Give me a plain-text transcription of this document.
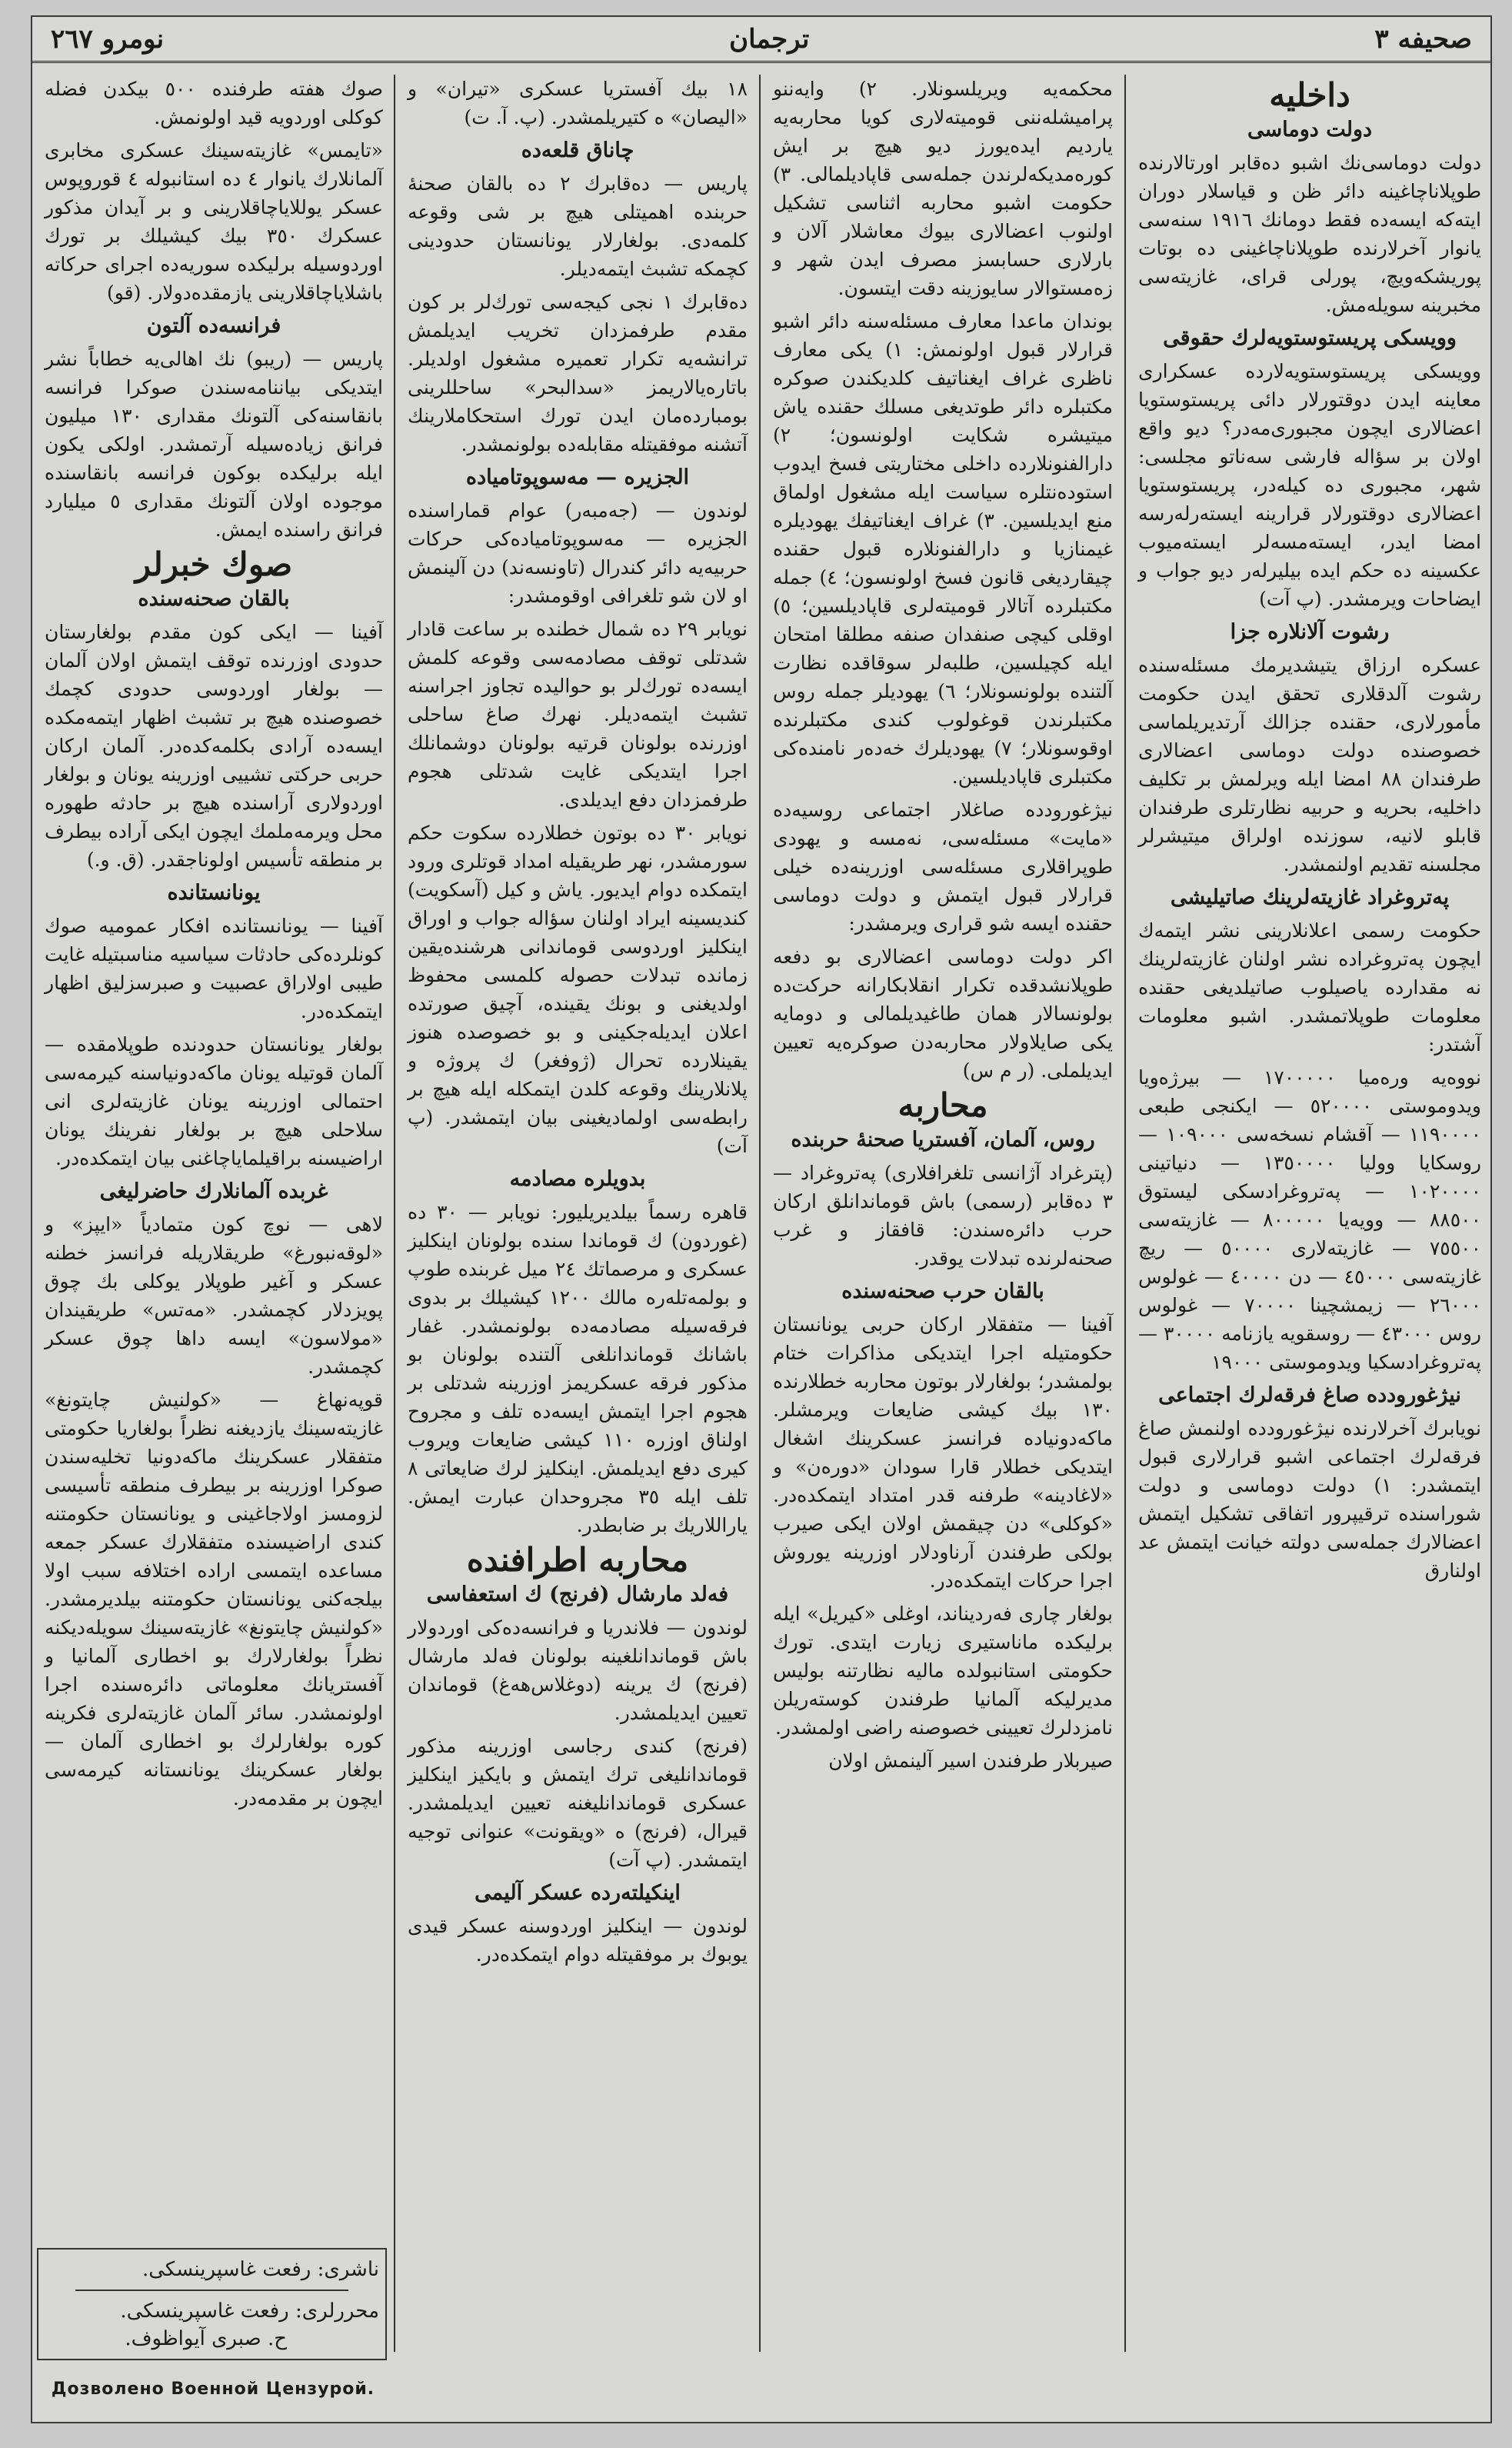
نومرو ٢٦٧	ترجمان	صحیفه ٣
داخلیه
دولت دوماسی

دولت دوماسی‌نك اشبو ده‌قابر اورتالارنده طوپلاناچاغینه دائر ظن و قیاسلار دوران ایته‌كه ایسه‌ده فقط دومانك ١٩١٦ سنه‌سی یانوار آخرلارنده طوپلاناچاغینی ده بوتات پوریشكه‌ویچ، پورلی قرای، غازیته‌سی مخبرینه سویله‌مش.

وویسكی پریستوستویه‌لرك حقوقی

وویسكی پریستوستویه‌لارده عسكراری معاینه ایدن دوقتورلار دائی پریستوستویا اعضالاری ایچون مجبوری‌مه‌در؟ دیو واقع اولان بر سؤاله فارشی سه‌ناتو مجلسی: شهر، مجبوری ده كیله‌در، پریستوستویا اعضالاری دوقتورلار قرارینه ایسته‌رله‌رسه امضا ایدر، ایسته‌مسه‌لر ایسته‌میوب عكسینه ده حكم ایده بیلیرله‌ر دیو جواب و ایضاحات ویرمشدر. (پ آت)

رشوت آلانلاره جزا

عسكره ارزاق یتیشدیرمك مسئله‌سنده رشوت آلدقلاری تحقق ایدن حكومت مأمورلاری، حقنده جزالك آرتدیریلماسی خصوصنده دولت دوماسی اعضالاری طرفندان ٨٨ امضا ایله ویرلمش بر تكلیف داخلیه، بحریه و حربیه نظارتلری طرفندان قابلو لانیه، سوزنده اولراق میتیشرلر مجلسنه تقدیم اولنمشدر.

په‌تروغراد غازیته‌لرینك صاتیلیشی

حكومت رسمی اعلانلارینی نشر ایتمه‌ك ایچون په‌تروغراده نشر اولنان غازیته‌لرینك نه مقدارده یاصیلوب صاتیلدیغی حقنده معلومات طوپلاتمشدر. اشبو معلومات آشتدر:

نووه‌یه وره‌میا ١٧٠٠٠٠٠ — بیرژه‌ویا ویدوموستی ٥٢٠٠٠٠ — ایكنجی طبعی ١١٩٠٠٠٠ — آقشام نسخه‌سی ١٠٩٠٠٠ — روسكایا وولیا ١٣٥٠٠٠٠ — دنیاتینی ١٠٢٠٠٠٠ — په‌تروغرادسكی لیستوق ٨٨٥٠٠ — وویه‌یا ۸۰۰۰۰۰ — غازیته‌سی ٧٥٥٠٠ — غازیته‌لاری ٥٠٠٠٠ — ریچ غازیته‌سی ٤٥٠٠٠ — دن ٤٠٠٠٠ — غولوس ٢٦٠٠٠ — زیمشچینا ٧٠٠٠٠ — غولوس روس ٤٣٠٠٠ — روسقویه‌ یازنامه ٣٠٠٠٠ — په‌تروغرادسكیا ویدوموستی ١٩٠٠٠

نیژغورودده صاغ فرقه‌لرك اجتماعی

نویابرك آخرلارنده نیژغورودده اولنمش صاغ فرقه‌لرك اجتماعی اشبو قرارلاری قبول ایتمشدر: ١) دولت دوماسی و دولت شوراسنده ترقیپرور اتفاقی تشكیل ایتمش اعضالارك جمله‌سی دولته خیانت ایتمش عد اولنارق

محكمه‌یه ویریلسونلار. ٢) وایه‌ننو پرامیشله‌ننی قومیته‌لاری كویا محاربه‌یه یاردیم ایده‌یورز دیو هیچ بر ایش كوره‌مدیكه‌لرندن جمله‌سی قاپادیلمالی. ٣) حكومت اشبو محاربه اثناسی تشكیل اولنوب اعضالاری بیوك معاشلار آلان و بارلاری حسابسز مصرف ایدن شهر و زه‌مستوالار سایوزینه دقت ایتسون.

بوندان ماعدا معارف مسئله‌سنه دائر اشبو قرارلار قبول اولونمش: ١) یكی معارف ناظری غراف ایغناتیف كلدیكندن صوكره مكتبلره دائر طوتدیغی مسلك حقنده یاش میتیشره شكایت اولونسون؛ ٢) دارالفنونلارده داخلی مختاریتی فسخ ایدوب استوده‌نتلره سیاست ایله مشغول اولماق منع ایدیلسین. ٣) غراف ایغناتیفك یهودیلره غیمنازیا و دارالفنونلاره قبول حقنده چیقاردیغی قانون فسخ اولونسون؛ ٤) جمله مكتبلرده آتالار قومیته‌لری قاپادیلسین؛ ٥) اوقلی كیچی صنفدان صنفه مطلقا امتحان ایله كچیلسین، طلبه‌لر سوقاقده نظارت آلتنده بولونسونلار؛ ٦) یهودیلر جمله روس مكتبلرندن قوغولوب كندی مكتبلرنده اوقوسونلار؛ ٧) یهودیلرك خه‌ده‌ر نامنده‌كی مكتبلری قاپادیلسین.

نیژغورودده صاغلار اجتماعی روسیه‌ده «مایت» مسئله‌سی، نه‌مسه و یهودی طوپراقلاری مسئله‌سی اوزرینه‌ده خیلی قرارلار قبول ایتمش و دولت دوماسی حقنده ایسه شو قراری ویرمشدر:

اكر دولت دوماسی اعضالاری بو دفعه طوپلانشدقده تكرار انقلابكارانه حركت‌ده بولونسالار همان طاغیدیلمالی و دومایه یكی صایلاولار محاربه‌دن صوكره‌یه تعیین ایدیلملی. (ر م س)

محاربه
روس، آلمان، آفستریا صحنهٔ حربنده

(پترغراد آژانسی تلغرافلاری) په‌تروغراد — ٣ ده‌قابر (رسمی) باش قوماندانلق اركان حرب دائره‌سندن: قافقاز و غرب صحنه‌لرنده تبدلات یوقدر.

بالقان حرب صحنه‌سنده

آفینا — متفقلار اركان حربی یونانستان حكومتیله اجرا ایتدیكی مذاكرات ختام بولمشدر؛ بولغارلار بوتون محاربه خطلارنده ١٣٠ بیك كیشی ضایعات ویرمشلر. ماكه‌دونیاده فرانسز عسكرینك اشغال ایتدیكی خطلار قارا سو‌دان «دوره‌ن» و «لاغادینه» طرفنه قدر امتداد ایتمكده‌در. «كوكلی» دن چیقمش اولان ایكی صیرب بولكی طرفندن آرناودلار اوزرینه یوروش اجرا حركات ایتمكده‌در.

بولغار چاری فه‌ردیناند، اوغلی «كیریل» ایله برلیكده ماناستیری زیارت ایتدی. تورك حكومتی استانبولده مالیه نظارتنه بولیس مدیرلیكه آلمانیا طرفندن كوسته‌ریلن نامزدلرك تعیینی خصوصنه راضی اولمشدر.

صیربلار طرفندن اسیر آلینمش اولان

١٨ بیك آفستریا عسكری «تیران» و «الیصان» ه كتیریلمشدر. (پ. آ. ت)

چاناق قلعه‌ده

پاریس — ده‌قابرك ٢ ده بالقان صحنهٔ حربنده اهمیتلی هیچ بر شی وقوعه كلمه‌دی. بولغارلار یونانستان حدودینی كچمكه تشبث ایتمه‌دیلر.

ده‌قابرك ١ نجی كیجه‌سی تورك‌لر بر كون مقدم طرفمزدان تخریب ایدیلمش ترانشه‌یه تكرار تعمیره مشغول اولدیلر. باتاره‌یالاریمز «سدالبحر» ساحللرینی بومبارده‌مان ایدن تورك استحكاملارینك آتشنه موفقیتله مقابله‌ده بولونمشدر.

الجزیره — مه‌سوپوتامیاده

لوندون — (جه‌مبه‌ر) عوام قماراسنده الجزیره — مه‌سوپوتامیاده‌كی حركات حربیه‌یه دائر كندرال (تاونسه‌ند) دن آلینمش او لان شو تلغرافی اوقومشدر:

نویابر ٢٩ ده شمال خطنده بر ساعت قادار شدتلی توقف مصادمه‌سی وقوعه كلمش ایسه‌ده تورك‌لر بو حوالیده تجاوز اجراسنه تشبث ایتمه‌دیلر. نهرك صاغ ساحلی اوزرنده بولونان قرتیه بولونان دوشمانلك اجرا ایتدیكی غایت شدتلی هجوم طرفمزدان دفع ایدیلدی.

نویابر ٣٠ ده بوتون خطلارده سكوت حكم سورمشدر، نهر طریقیله امداد قوتلری ورود ایتمكده دوام ایدیور. یاش و كیل (آسكویت) كندیسینه ایراد اولنان سؤاله جواب و اوراق اینكلیز اوردوسی قوماندانی هرشنده‌یقین زمانده تبدلات حصوله كلمسی محفوظ اولدیغنی و بونك یقینده، آچیق صورتده اعلان ایدیله‌جكینی و بو خصوصده هنوز یقینلارده تحرال (ژوفغر) ك پروژه و پلانلارینك وقوعه كلدن ایتمكله ایله هیچ بر رابطه‌سی اولمادیغینی بیان ایتمشدر. (پ آت)

بدویلره مصادمه

قاهره رسماً بیلدیریلیور: نویابر — ٣٠ ده (غوردون) ك قوماندا سنده بولونان اینكلیز عسكری و مرصماتك ٢٤ میل غربنده طوپ و بولمه‌تله‌ره مالك ١٢٠٠ كیشیلك بر بدوی فرقه‌سیله مصادمه‌ده بولونمشدر. غفار باشانك قوماندانلغی آلتنده بولونان بو مذكور فرقه عسكریمز اوزرینه شدتلی بر هجوم اجرا ایتمش ایسه‌ده تلف و مجروح اولنا‌ق اوزره ١١٠ كیشی ضایعات ویروب كیری دفع ایدیلمش. اینكلیز لرك ضایعاتی ٨ تلف ایله ٣٥ مجروحدان عبارت ایمش. یاراللاریك بر ضابطدر.

محاربه اطرافنده
فه‌لد مارشال (فرنج) ك استعفاسی

لوندون — فلاندریا و فرانسه‌ده‌كی اوردولار باش قوماندانلغینه بولونان فه‌لد مارشال (فرنج) ك یرینه (دوغلاس‌هه‌غ) قوماندان تعیین ایدیلمشدر.

(فرنج) كندی رجاسی اوزرینه مذكور قوماندانلیغی ترك ایتمش و بایكیز اینكلیز عسكری قوماندانلیغنه تعیین ایدیلمشدر. قیرال، (فرنج) ه «ویقونت» عنوانی توجیه ایتمشدر. (پ آت)

اینكیلته‌رده عسكر آلیمی

لوندون — اینكلیز اوردوسنه عسكر قیدی یوبوك بر موفقیتله دوام ایتمكده‌در.

صوك هفته طرفنده ٥٠٠ بیكدن فضله كوكلی اوردویه قید اولونمش.

«تایمس» غازیته‌سینك عسكری مخابری آلمانلارك یانوار ٤ ده استانبوله ٤ قوروپوس عسكر یوللایاچاقلارینی و بر آیدان مذكور عسكرك ٣٥٠ بیك كیشیلك بر تورك اوردوسیله برلیكده سوریه‌ده اجرای حركاته باشلایاچاقلارینی یازمقده‌دولار. (قو)

فرانسه‌ده آلتون

پاریس — (ریبو) نك اهالی‌یه خطاباً نشر ایتدیكی بیاننامه‌سندن صوكرا فرانسه بانقاسنه‌كی آلتونك مقداری ١٣٠ میلیون فرانق زیاده‌سیله آرتمشدر. اولكی یكون ایله برلیكده بوكون فرانسه بانقاسنده موجوده اولان آلتونك مقداری ٥ میلیارد فرانق راسنده ایمش.

صوك خبرلر
بالقان صحنه‌سنده

آفینا — ایكی كون مقدم بولغارستان حدودی اوزرنده توقف ایتمش اولان آلمان — بولغار اوردوسی حدودی كچمك خصوصنده هیچ بر تشبث اظهار ایتمه‌مكده ایسه‌ده آرادی بكلمه‌كده‌در. آلمان اركان حربی حركتی تشییی اوزرینه یونان و بولغار اوردولاری آراسنده هیچ بر حادثه طهوره محل ویرمه‌ملمك ایچون ایكی آراده بیطرف بر منطقه تأسیس اولونا‌جقدر. (ق. و.)

یونانستانده

آفینا — یونانستانده افكار عمومیه صوك كونلرده‌كی حادثات سیاسیه مناسبتیله غایت طیبی اولاراق عصبیت و صبرسزلیق اظهار ایتمكده‌در.

بولغار یونانستان حدودنده طوپلامقده — آلمان قوتیله یونان ماكه‌دونیاسنه كیرمه‌سی احتمالی اوزرینه یونان غازیته‌لری انی سلاحلی هیچ بر بولغار نفرینك یونان اراضیسنه براقیلمایاچاغنی بیان ایتمكده‌در.

غربده آلمانلارك حاضرلیغی

لاهی — نوچ كون متمادیاً «ایپز» و «لوقه‌نبورغ» طریقلاریله فرانسز خطنه عسكر و آغیر طوپلار یوكلی بك چوق پویزدلار كچمشدر. «مه‌تس» طریقیندان «مولاسون» ایسه داها چوق عسكر كچمشدر.

قوپه‌نهاغ — «كولنیش چایتونغ» غازیته‌سینك یازدیغنه نظراً بولغاریا حكومتی متفقلار عسكرینك ماكه‌دونیا تخلیه‌سندن صوكرا اوزرینه بر بیطرف منطقه تأسیسی لزومسز اولاجاغینی و یونانستان حكومتنه كندی اراضیسنده متفقلارك عسكر جمعه مساعده ایتمسی اراده اختلافه سبب اولا بیلجه‌كنی یونانستان حكومتنه بیلدیرمشدر. «كولنیش چایتونغ» غازیته‌سینك سویله‌دیكنه نظراً بولغارلارك بو اخطاری آلمانیا و آفستریانك معلوماتی دائره‌سنده اجرا اولونمشدر. سائر آلمان غازیته‌لری فكرینه كوره بولغارلرك بو اخطاری آلمان — بولغار عسكرینك یونانستانه كیرمه‌سی ایچون بر مقدمه‌در.

ناشری: رفعت غاسپرینسكی.
محررلری: رفعت غاسپرینسكی.
ح. صبری آیواظوف.
Дозволено Военной Цензурой.
